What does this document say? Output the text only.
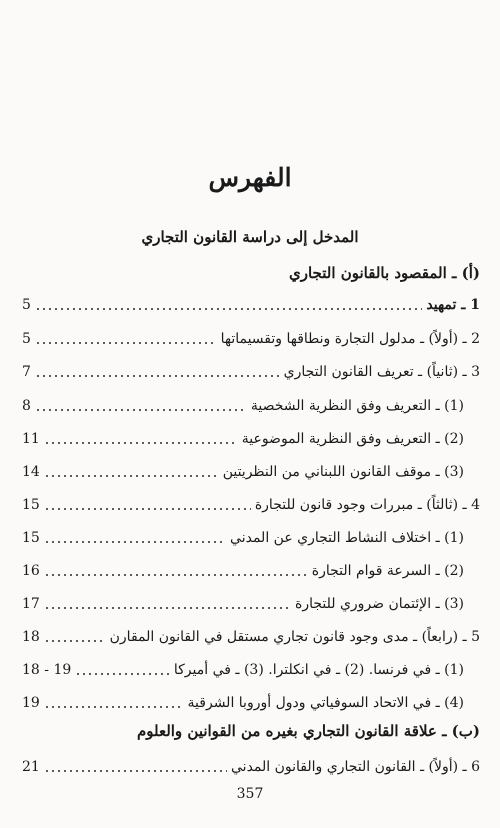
الفهرس
المدخل إلى دراسة القانون التجاري
(أ) ـ المقصود بالقانون التجاري
1 ـ تمهيد
5
2 ـ (أولاً) ـ مدلول التجارة ونطاقها وتقسيماتها
5
3 ـ (ثانياً) ـ تعريف القانون التجاري
7
(1) ـ التعريف وفق النظرية الشخصية
8
(2) ـ التعريف وفق النظرية الموضوعية
11
(3) ـ موقف القانون اللبناني من النظريتين
14
4 ـ (ثالثاً) ـ مبررات وجود قانون للتجارة
15
(1) ـ اختلاف النشاط التجاري عن المدني
15
(2) ـ السرعة قوام التجارة
16
(3) ـ الإئتمان ضروري للتجارة
17
5 ـ (رابعاً) ـ مدى وجود قانون تجاري مستقل في القانون المقارن
18
(1) ـ في فرنسا. (2) ـ في انكلترا. (3) ـ في أميركا
18 - 19
(4) ـ في الاتحاد السوفياتي ودول أوروبا الشرقية
19
(ب) ـ علاقة القانون التجاري بغيره من القوانين والعلوم
6 ـ (أولاً) ـ القانون التجاري والقانون المدني
21
357
